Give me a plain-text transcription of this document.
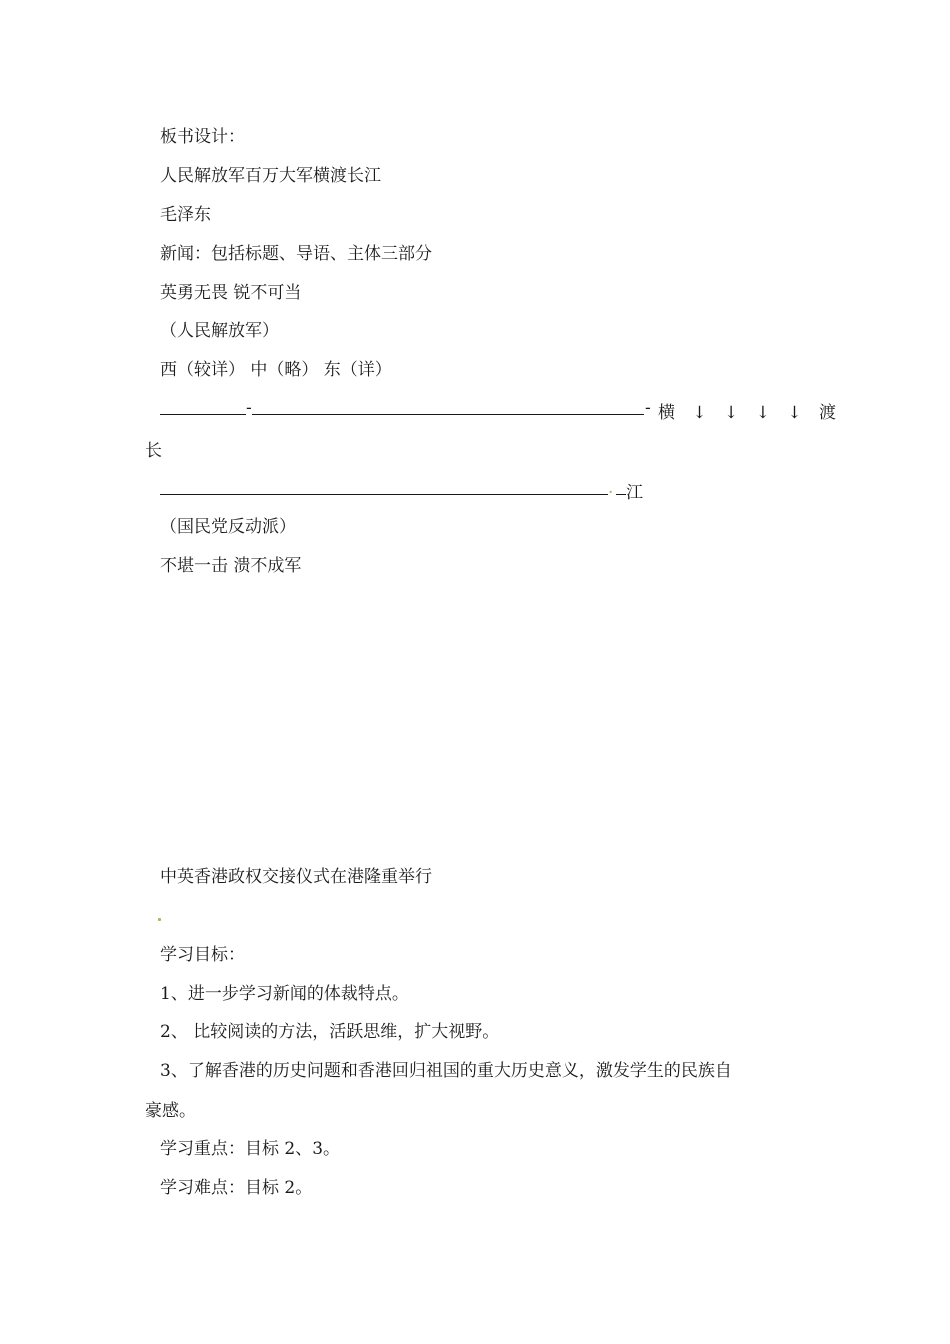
板书设计：
人民解放军百万大军横渡长江
毛泽东
新闻：包括标题、导语、主体三部分
英勇无畏 锐不可当
（人民解放军）
西（较详） 中（略） 东（详）
-	- 横 ↓ ↓ ↓ ↓ 渡
长
. 江
（国民党反动派）
不堪一击 溃不成军
中英香港政权交接仪式在港隆重举行
学习目标：
1、进一步学习新闻的体裁特点。
2、 比较阅读的方法，活跃思维，扩大视野。
3、了解香港的历史问题和香港回归祖国的重大历史意义，激发学生的民族自
豪感。
学习重点：目标 2、3。
学习难点：目标 2。
